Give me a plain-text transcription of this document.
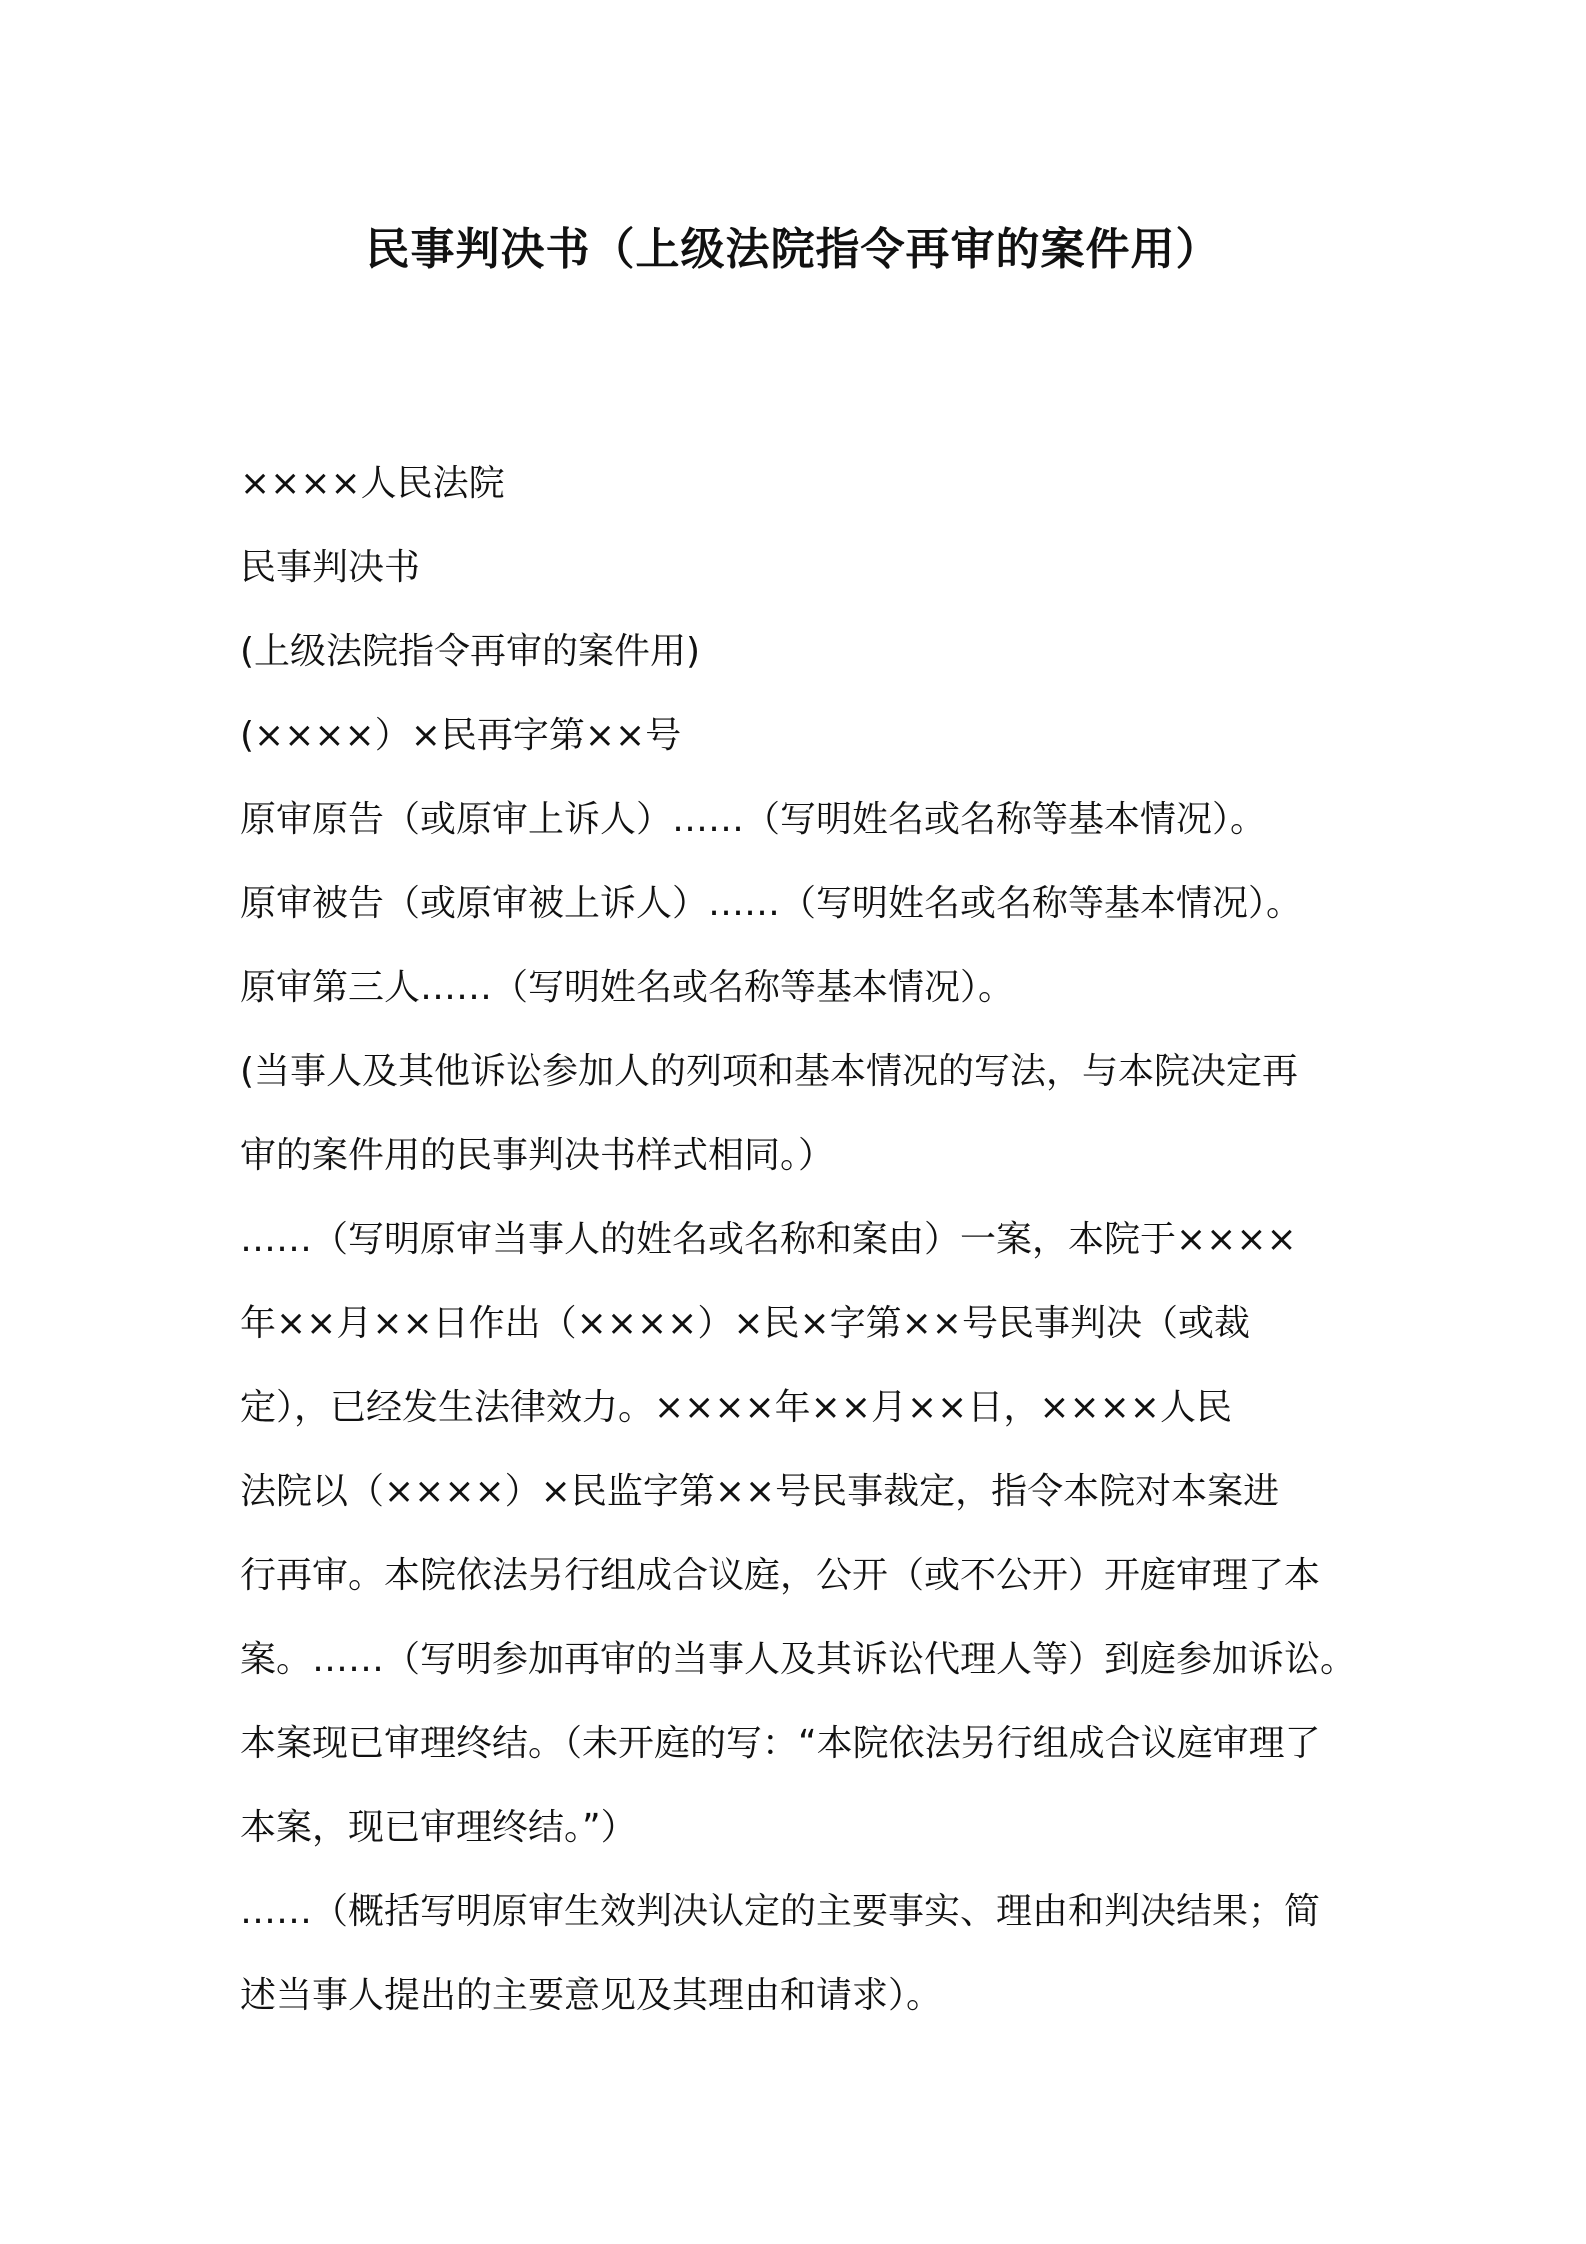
民事判决书（上级法院指令再审的案件用）
××××人民法院
民事判决书
(上级法院指令再审的案件用)
(××××）×民再字第××号
原审原告（或原审上诉人）……（写明姓名或名称等基本情况）。
原审被告（或原审被上诉人）……（写明姓名或名称等基本情况）。
原审第三人……（写明姓名或名称等基本情况）。
(当事人及其他诉讼参加人的列项和基本情况的写法，与本院决定再
审的案件用的民事判决书样式相同。）
……（写明原审当事人的姓名或名称和案由）一案，本院于××××
年××月××日作出（××××）×民×字第××号民事判决（或裁
定），已经发生法律效力。××××年××月××日，××××人民
法院以（××××）×民监字第××号民事裁定，指令本院对本案进
行再审。本院依法另行组成合议庭，公开（或不公开）开庭审理了本
案。……（写明参加再审的当事人及其诉讼代理人等）到庭参加诉讼。
本案现已审理终结。（未开庭的写：“本院依法另行组成合议庭审理了
本案，现已审理终结。”）
……（概括写明原审生效判决认定的主要事实、理由和判决结果；简
述当事人提出的主要意见及其理由和请求）。
